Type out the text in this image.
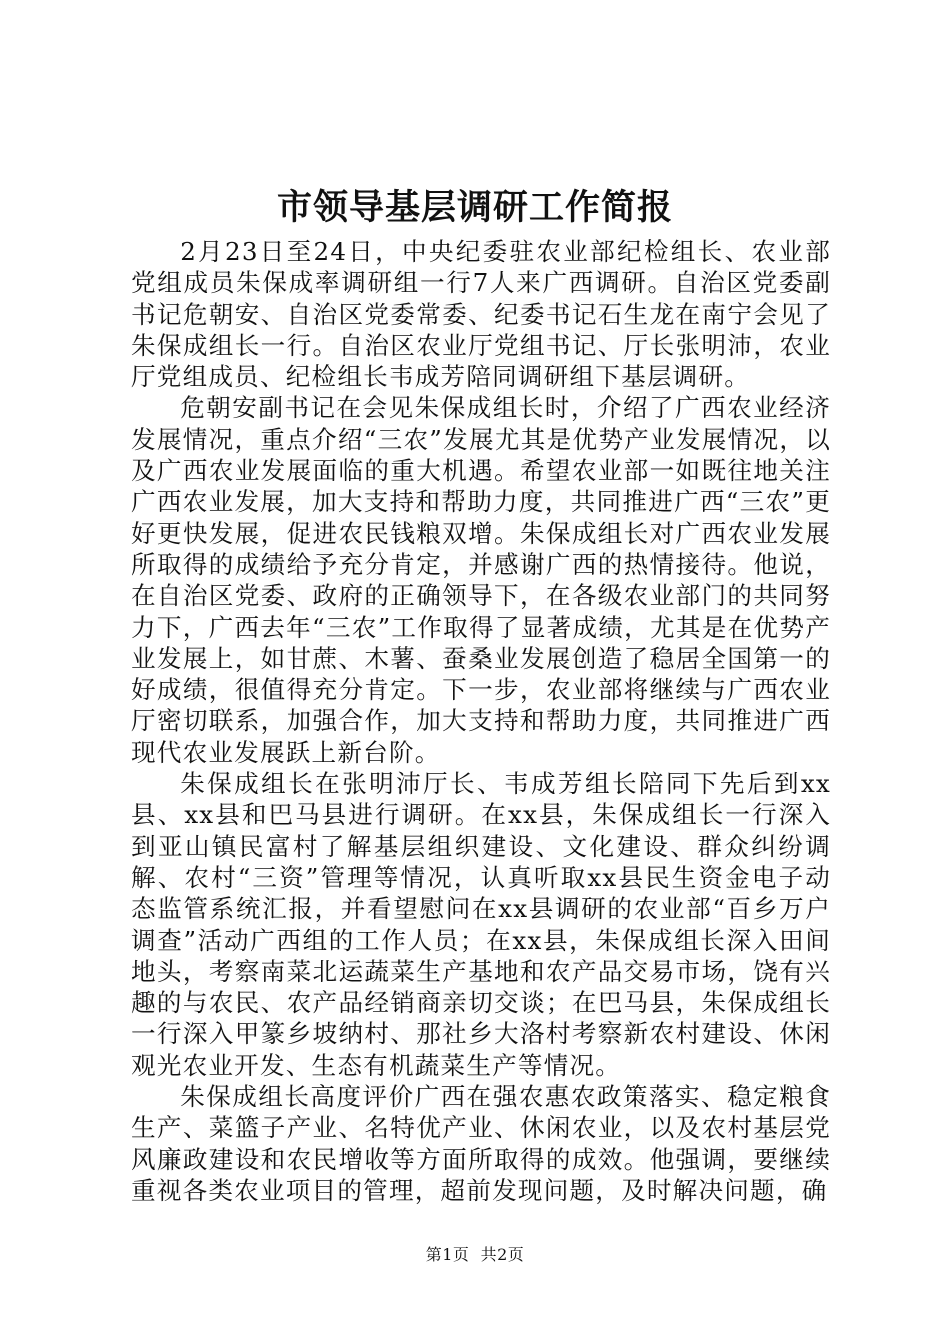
市领导基层调研工作简报

2月23日至24日，中央纪委驻农业部纪检组长、农业部党组成员朱保成率调研组一行7人来广西调研。自治区党委副书记危朝安、自治区党委常委、纪委书记石生龙在南宁会见了朱保成组长一行。自治区农业厅党组书记、厅长张明沛，农业厅党组成员、纪检组长韦成芳陪同调研组下基层调研。

危朝安副书记在会见朱保成组长时，介绍了广西农业经济发展情况，重点介绍“三农”发展尤其是优势产业发展情况，以及广西农业发展面临的重大机遇。希望农业部一如既往地关注广西农业发展，加大支持和帮助力度，共同推进广西“三农”更好更快发展，促进农民钱粮双增。朱保成组长对广西农业发展所取得的成绩给予充分肯定，并感谢广西的热情接待。他说，在自治区党委、政府的正确领导下，在各级农业部门的共同努力下，广西去年“三农”工作取得了显著成绩，尤其是在优势产业发展上，如甘蔗、木薯、蚕桑业发展创造了稳居全国第一的好成绩，很值得充分肯定。下一步，农业部将继续与广西农业厅密切联系，加强合作，加大支持和帮助力度，共同推进广西现代农业发展跃上新台阶。

朱保成组长在张明沛厅长、韦成芳组长陪同下先后到xx县、xx县和巴马县进行调研。在xx县，朱保成组长一行深入到亚山镇民富村了解基层组织建设、文化建设、群众纠纷调解、农村“三资”管理等情况，认真听取xx县民生资金电子动态监管系统汇报，并看望慰问在xx县调研的农业部“百乡万户调查”活动广西组的工作人员；在xx县，朱保成组长深入田间地头，考察南菜北运蔬菜生产基地和农产品交易市场，饶有兴趣的与农民、农产品经销商亲切交谈；在巴马县，朱保成组长一行深入甲篆乡坡纳村、那社乡大洛村考察新农村建设、休闲观光农业开发、生态有机蔬菜生产等情况。

朱保成组长高度评价广西在强农惠农政策落实、稳定粮食生产、菜篮子产业、名特优产业、休闲农业，以及农村基层党风廉政建设和农民增收等方面所取得的成效。他强调，要继续重视各类农业项目的管理，超前发现问题，及时解决问题，确

第1页 共2页
